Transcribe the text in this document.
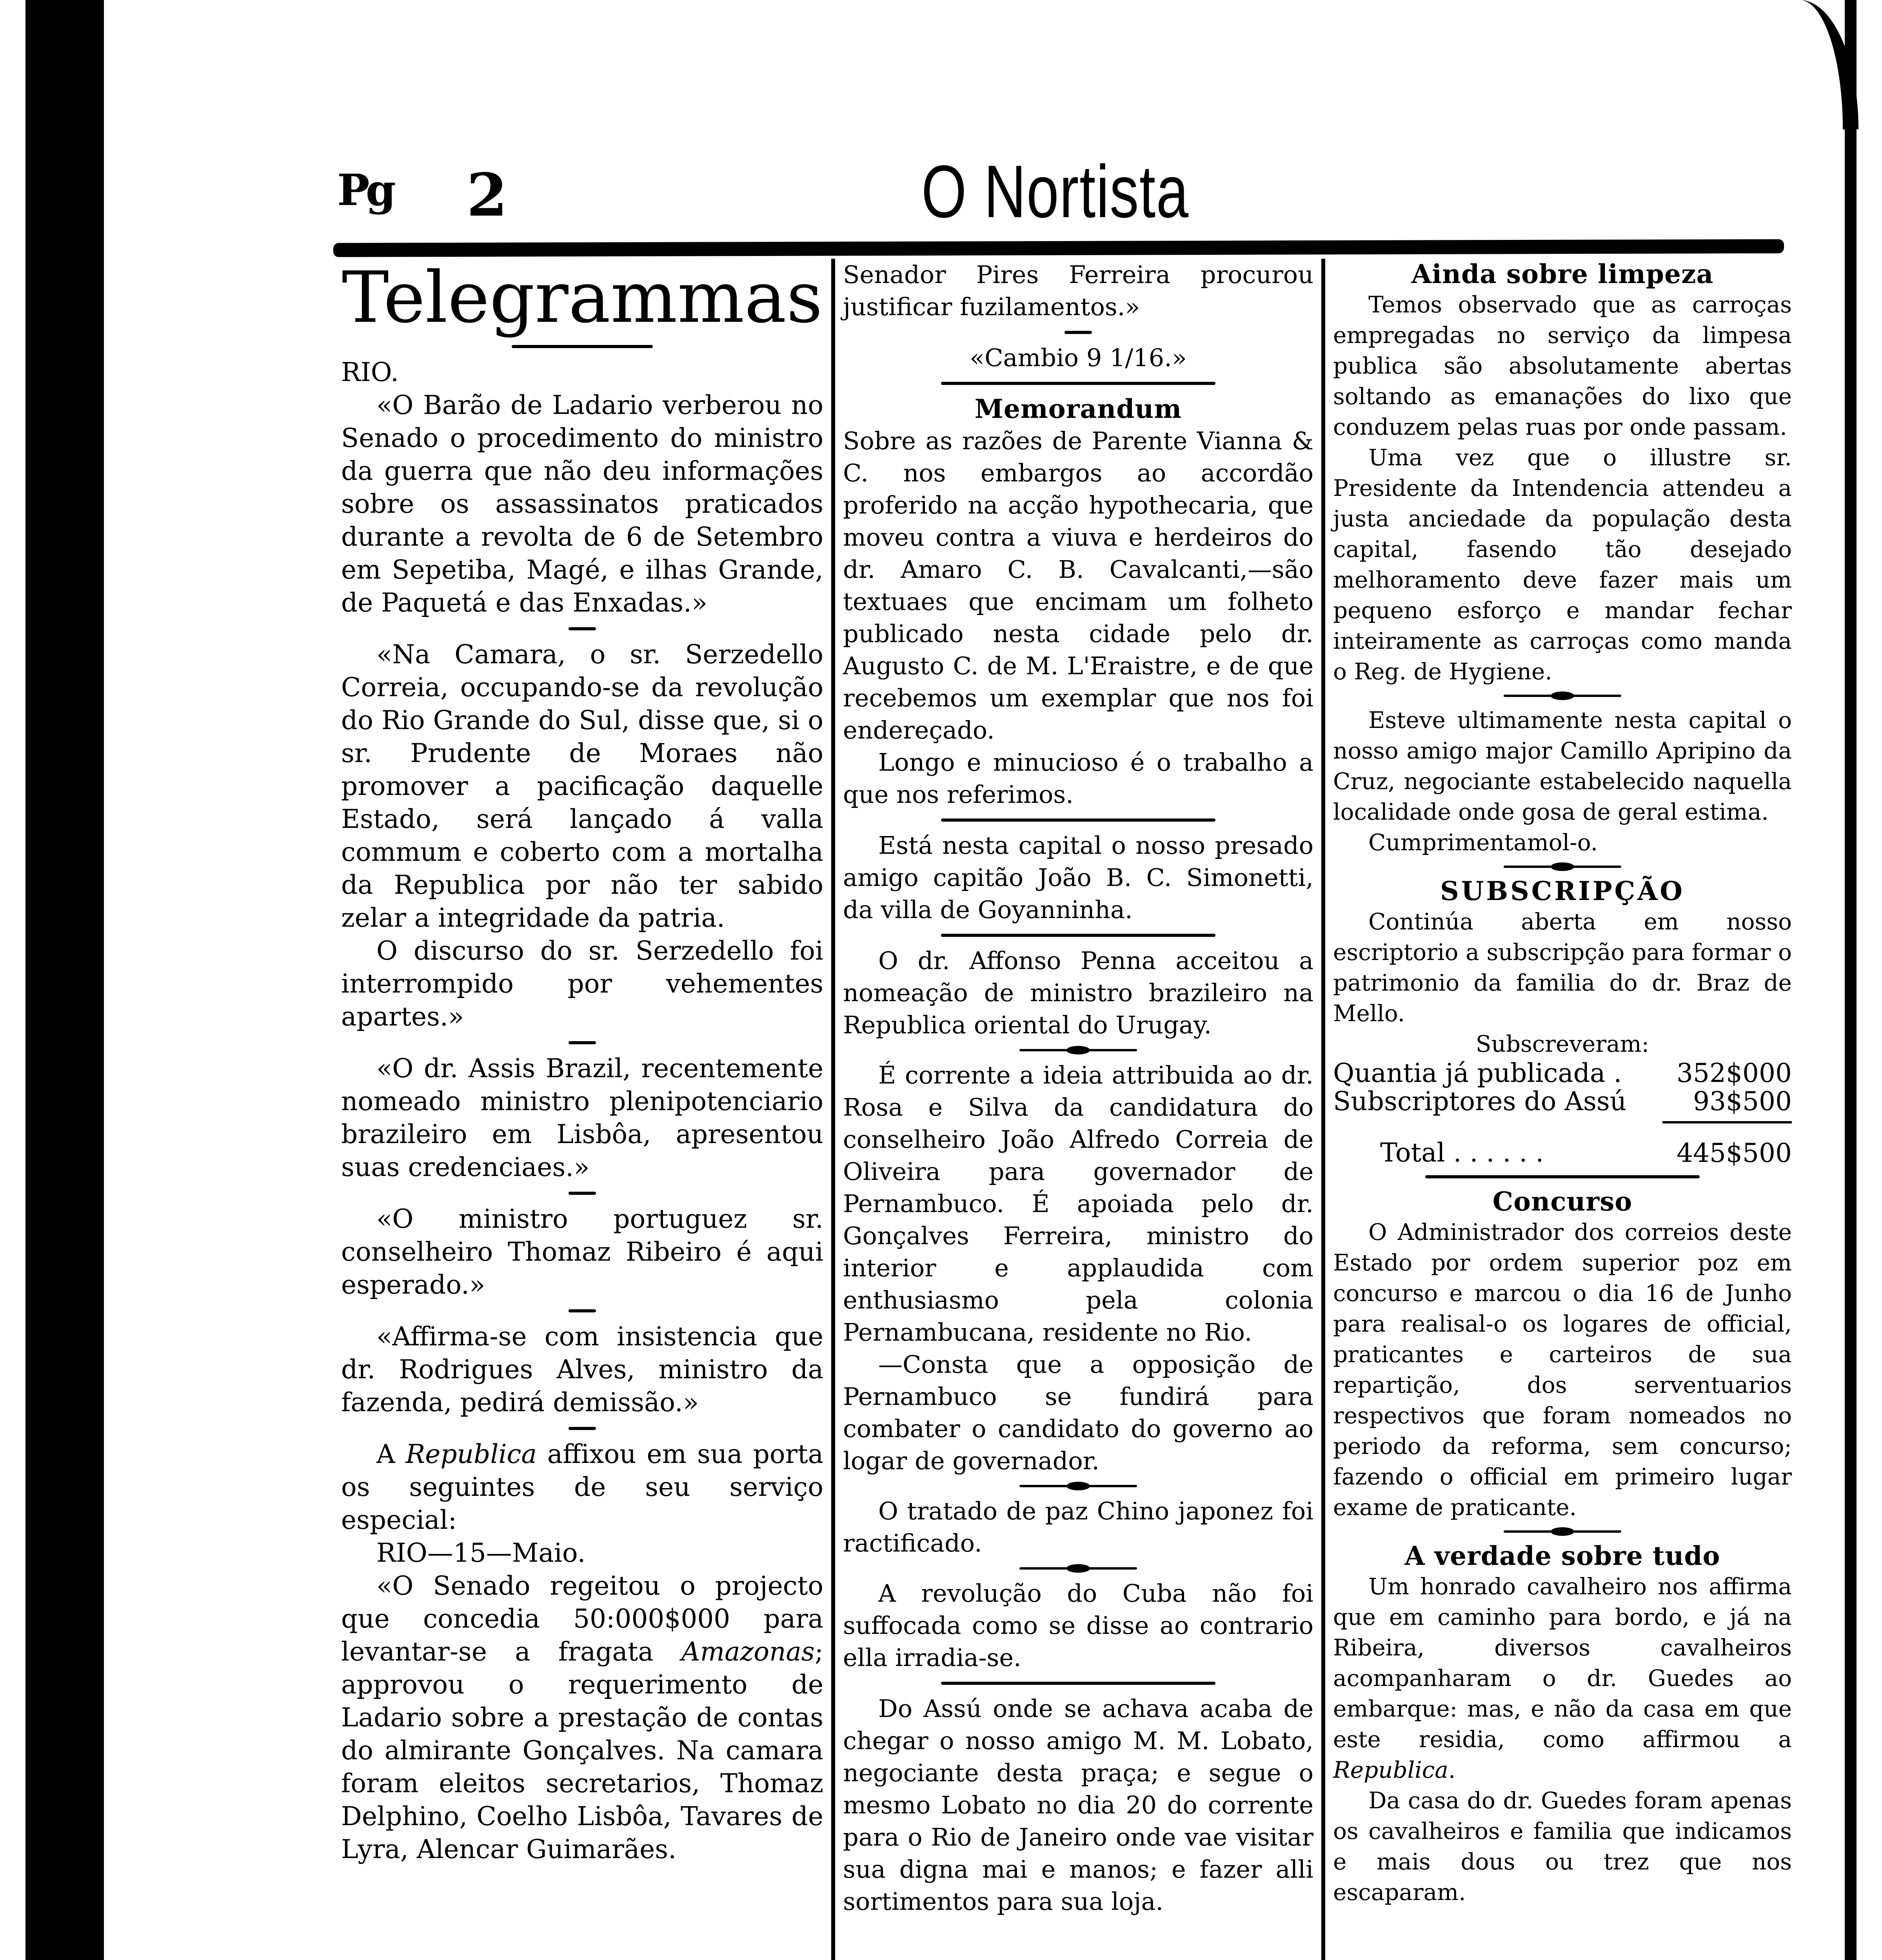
Pg 2	O Nortista
Telegrammas

RIO.

«O Barão de Ladario verberou no Senado o procedimento do ministro da guerra que não deu informações sobre os assassinatos praticados durante a revolta de 6 de Setembro em Sepetiba, Magé, e ilhas Grande, de Paquetá e das Enxadas.»

«Na Camara, o sr. Serzedello Correia, occupando-se da revolução do Rio Grande do Sul, disse que, si o sr. Prudente de Moraes não promover a pacificação daquelle Estado, será lançado á valla commum e coberto com a mortalha da Republica por não ter sabido zelar a integridade da patria.

O discurso do sr. Serzedello foi interrompido por vehementes apartes.»

«O dr. Assis Brazil, recentemente nomeado ministro plenipotenciario brazileiro em Lisbôa, apresentou suas credenciaes.»

«O ministro portuguez sr. conselheiro Thomaz Ribeiro é aqui esperado.»

«Affirma-se com insistencia que dr. Rodrigues Alves, ministro da fazenda, pedirá demissão.»

A Republica affixou em sua porta os seguintes de seu serviço especial:

RIO—15—Maio.

«O Senado regeitou o projecto que concedia 50:000$000 para levantar-se a fragata Amazonas; approvou o requerimento de Ladario sobre a prestação de contas do almirante Gonçalves. Na camara foram eleitos secretarios, Thomaz Delphino, Coelho Lisbôa, Tavares de Lyra, Alencar Guimarães.

Senador Pires Ferreira procurou justificar fuzilamentos.»

«Cambio 9 1/16.»

Memorandum

Sobre as razões de Parente Vianna & C. nos embargos ao accordão proferido na acção hypothecaria, que moveu contra a viuva e herdeiros do dr. Amaro C. B. Cavalcanti,—são textuaes que encimam um folheto publicado nesta cidade pelo dr. Augusto C. de M. L'Eraistre, e de que recebemos um exemplar que nos foi endereçado.

Longo e minucioso é o trabalho a que nos referimos.

Está nesta capital o nosso presado amigo capitão João B. C. Simonetti, da villa de Goyanninha.

O dr. Affonso Penna acceitou a nomeação de ministro brazileiro na Republica oriental do Urugay.

É corrente a ideia attribuida ao dr. Rosa e Silva da candidatura do conselheiro João Alfredo Correia de Oliveira para governador de Pernambuco. É apoiada pelo dr. Gonçalves Ferreira, ministro do interior e applaudida com enthusiasmo pela colonia Pernambucana, residente no Rio.

—Consta que a opposição de Pernambuco se fundirá para combater o candidato do governo ao logar de governador.

O tratado de paz Chino japonez foi ractificado.

A revolução do Cuba não foi suffocada como se disse ao contrario ella irradia-se.

Do Assú onde se achava acaba de chegar o nosso amigo M. M. Lobato, negociante desta praça; e segue o mesmo Lobato no dia 20 do corrente para o Rio de Janeiro onde vae visitar sua digna mai e manos; e fazer alli sortimentos para sua loja.

Ainda sobre limpeza

Temos observado que as carroças empregadas no serviço da limpesa publica são absolutamente abertas soltando as emanações do lixo que conduzem pelas ruas por onde passam.

Uma vez que o illustre sr. Presidente da Intendencia attendeu a justa anciedade da população desta capital, fasendo tão desejado melhoramento deve fazer mais um pequeno esforço e mandar fechar inteiramente as carroças como manda o Reg. de Hygiene.

Esteve ultimamente nesta capital o nosso amigo major Camillo Apripino da Cruz, negociante estabelecido naquella localidade onde gosa de geral estima.

Cumprimentamol-o.

SUBSCRIPÇÃO

Continúa aberta em nosso escriptorio a subscripção para formar o patrimonio da familia do dr. Braz de Mello.

Subscreveram:

Quantia já publicada .	352$000
Subscriptores do Assú	93$500

Total . . . . . .	445$500
Concurso

O Administrador dos correios deste Estado por ordem superior poz em concurso e marcou o dia 16 de Junho para realisal-o os logares de official, praticantes e carteiros de sua repartição, dos serventuarios respectivos que foram nomeados no periodo da reforma, sem concurso; fazendo o official em primeiro lugar exame de praticante.

A verdade sobre tudo

Um honrado cavalheiro nos affirma que em caminho para bordo, e já na Ribeira, diversos cavalheiros acompanharam o dr. Guedes ao embarque: mas, e não da casa em que este residia, como affirmou a Republica.

Da casa do dr. Guedes foram apenas os cavalheiros e familia que indicamos e mais dous ou trez que nos escaparam.
